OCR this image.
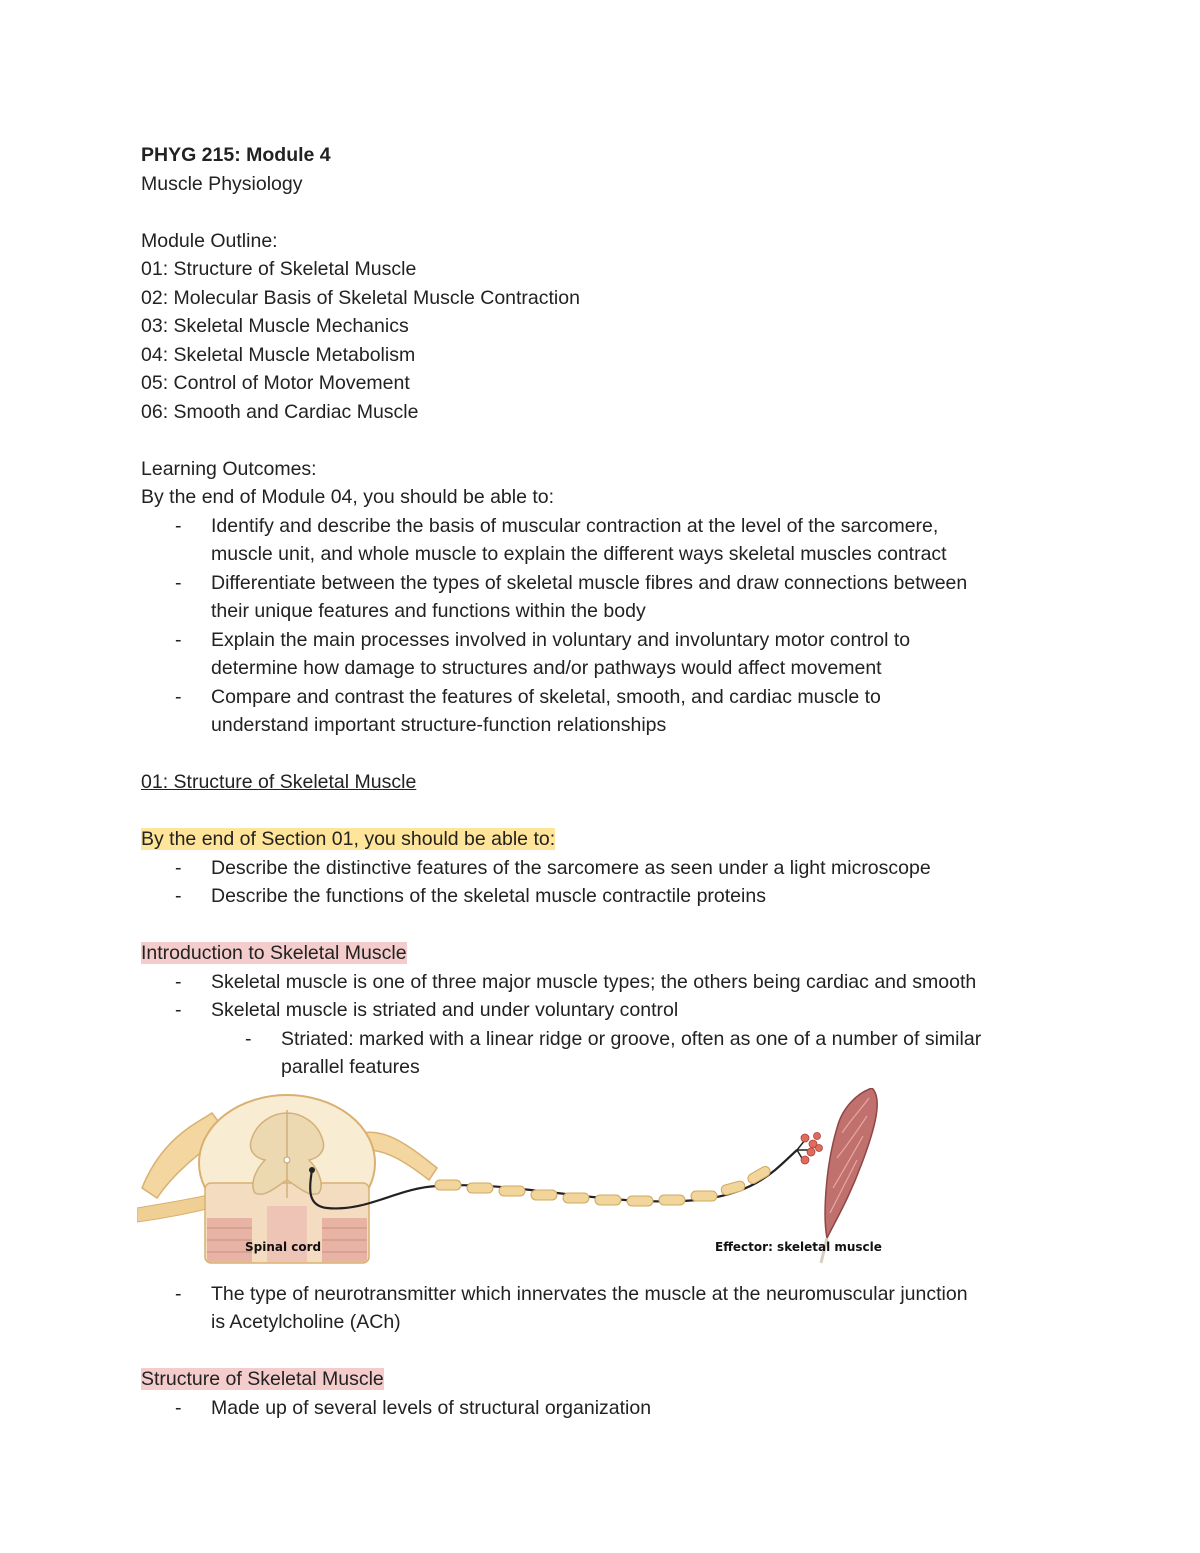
PHYG 215: Module 4
Muscle Physiology
Module Outline:
01: Structure of Skeletal Muscle
02: Molecular Basis of Skeletal Muscle Contraction
03: Skeletal Muscle Mechanics
04: Skeletal Muscle Metabolism
05: Control of Motor Movement
06: Smooth and Cardiac Muscle
Learning Outcomes:
By the end of Module 04, you should be able to:
-	Identify and describe the basis of muscular contraction at the level of the sarcomere,
muscle unit, and whole muscle to explain the different ways skeletal muscles contract
-	Differentiate between the types of skeletal muscle fibres and draw connections between
their unique features and functions within the body
-	Explain the main processes involved in voluntary and involuntary motor control to
determine how damage to structures and/or pathways would affect movement
-	Compare and contrast the features of skeletal, smooth, and cardiac muscle to
understand important structure-function relationships
01: Structure of Skeletal Muscle
By the end of Section 01, you should be able to:
-	Describe the distinctive features of the sarcomere as seen under a light microscope
-	Describe the functions of the skeletal muscle contractile proteins
Introduction to Skeletal Muscle
-	Skeletal muscle is one of three major muscle types; the others being cardiac and smooth
-	Skeletal muscle is striated and under voluntary control
-	Striated: marked with a linear ridge or groove, often as one of a number of similar
parallel features
Spinal cord	Effector: skeletal muscle
-	The type of neurotransmitter which innervates the muscle at the neuromuscular junction
is Acetylcholine (ACh)
Structure of Skeletal Muscle
-	Made up of several levels of structural organization
